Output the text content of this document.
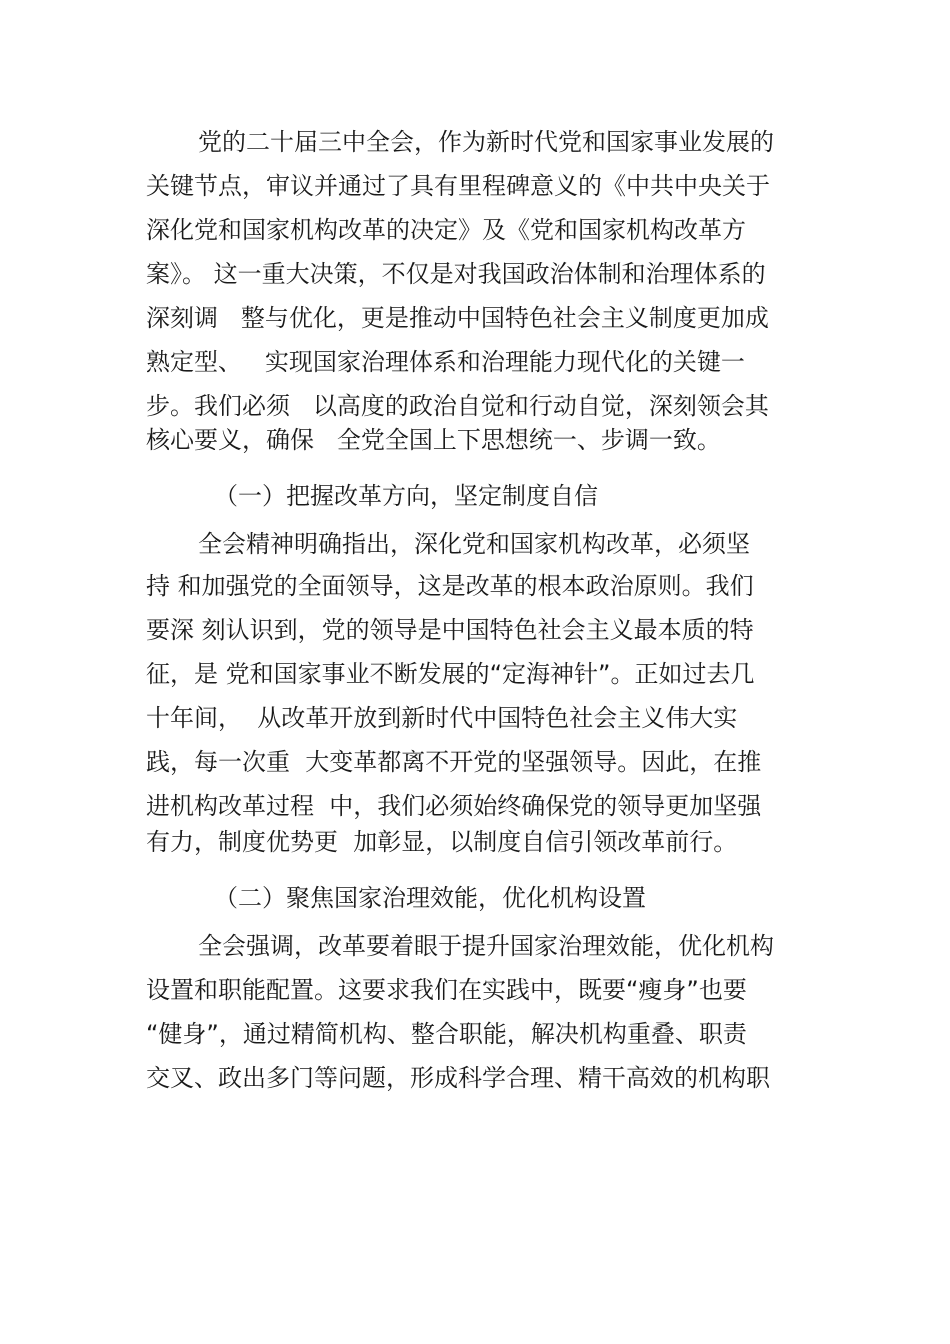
党的二十届三中全会，作为新时代党和国家事业发展的
关键节点，审议并通过了具有里程碑意义的《中共中央关于
深化党和国家机构改革的决定》及《党和国家机构改革方
案》。 这一重大决策，不仅是对我国政治体制和治理体系的
深刻调   整与优化，更是推动中国特色社会主义制度更加成
熟定型、   实现国家治理体系和治理能力现代化的关键一
步。我们必须   以高度的政治自觉和行动自觉，深刻领会其
核心要义，确保   全党全国上下思想统一、步调一致。
（一）把握改革方向，坚定制度自信
全会精神明确指出，深化党和国家机构改革，必须坚
持 和加强党的全面领导，这是改革的根本政治原则。我们
要深 刻认识到，党的领导是中国特色社会主义最本质的特
征，是 党和国家事业不断发展的“定海神针”。正如过去几
十年间，  从改革开放到新时代中国特色社会主义伟大实
践，每一次重  大变革都离不开党的坚强领导。因此，在推
进机构改革过程  中，我们必须始终确保党的领导更加坚强
有力，制度优势更  加彰显，以制度自信引领改革前行。
（二）聚焦国家治理效能，优化机构设置
全会强调，改革要着眼于提升国家治理效能，优化机构
设置和职能配置。这要求我们在实践中，既要“瘦身”也要
“健身”，通过精简机构、整合职能，解决机构重叠、职责
交叉、政出多门等问题，形成科学合理、精干高效的机构职
